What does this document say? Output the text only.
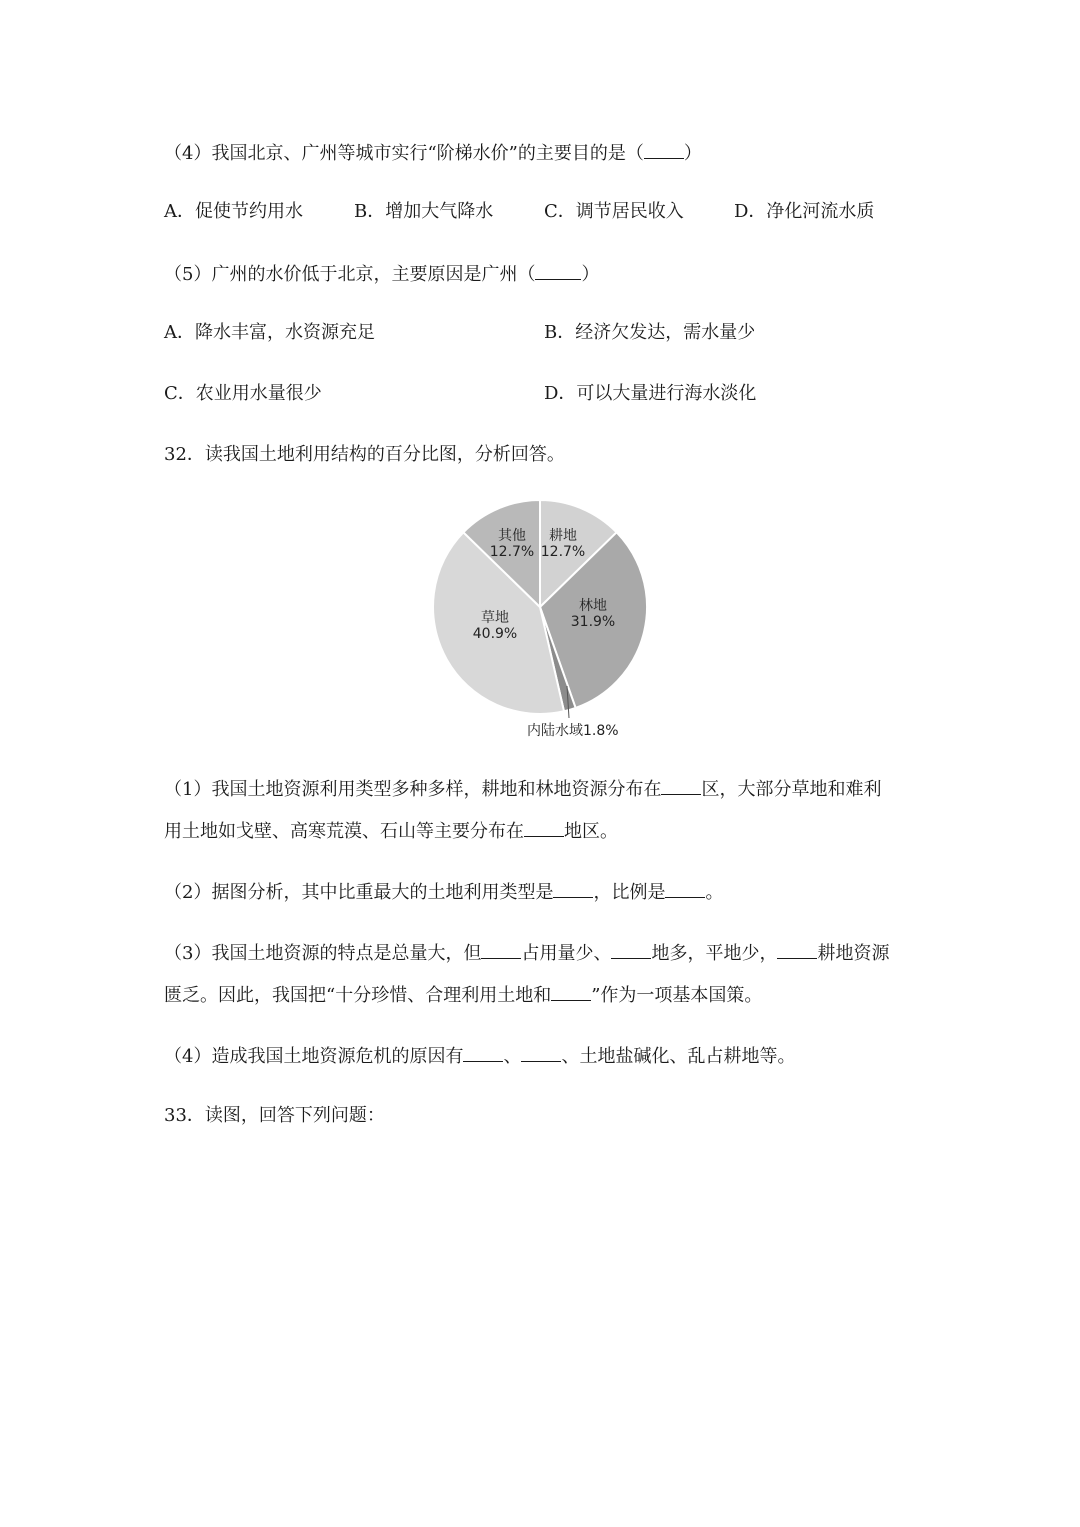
（4）我国北京、广州等城市实行“阶梯水价”的主要目的是（ ）
A．促使节约用水	B．增加大气降水	C．调节居民收入	D．净化河流水质
（5）广州的水价低于北京，主要原因是广州（	）
A．降水丰富，水资源充足	B．经济欠发达，需水量少
C．农业用水量很少	D．可以大量进行海水淡化
32．读我国土地利用结构的百分比图，分析回答。
其他
12.7%
耕地
12.7%
林地
31.9%
草地
40.9%
内陆水域1.8%
（1）我国土地资源利用类型多种多样，耕地和林地资源分布在 区，大部分草地和难利
用土地如戈壁、高寒荒漠、石山等主要分布在 地区。
（2）据图分析，其中比重最大的土地利用类型是 ，比例是 。
（3）我国土地资源的特点是总量大，但 占用量少、 地多，平地少， 耕地资源
匮乏。因此，我国把“十分珍惜、合理利用土地和 ”作为一项基本国策。
（4）造成我国土地资源危机的原因有 、 、土地盐碱化、乱占耕地等。
33．读图，回答下列问题：
